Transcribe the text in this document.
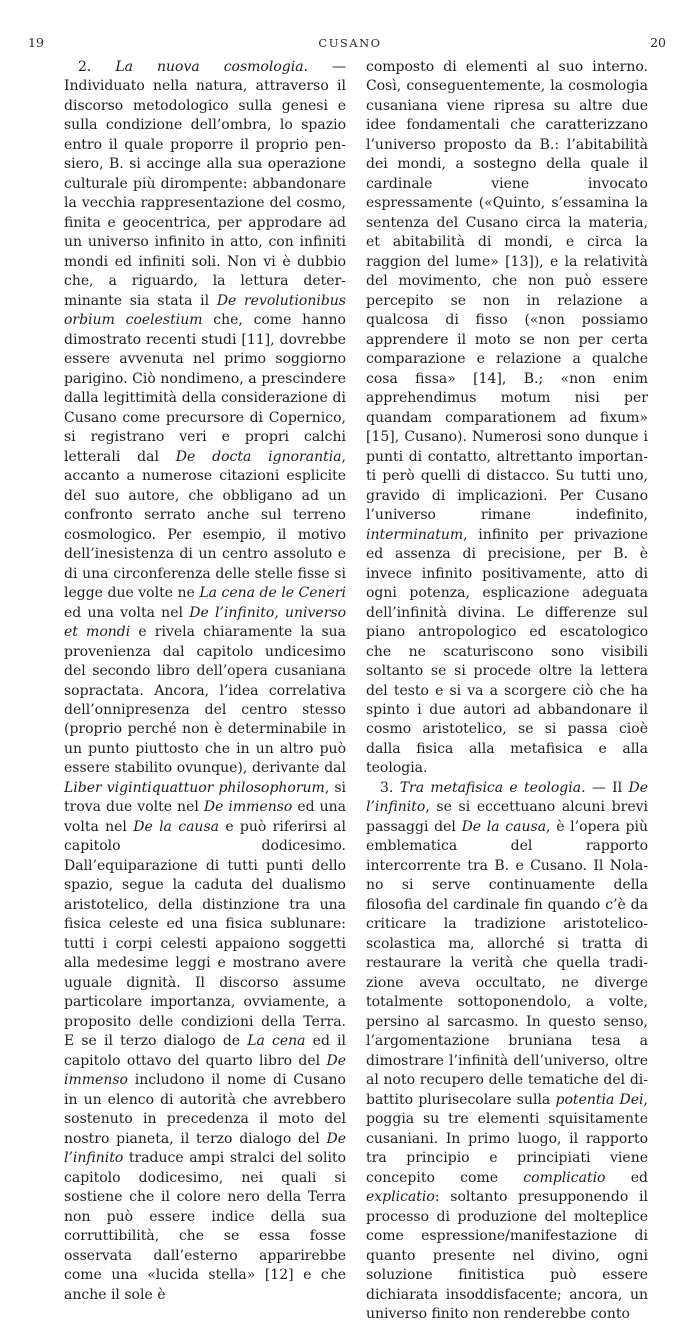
19	CUSANO	20

2. La nuova cosmologia. — Individuato nella natura, attraverso il discorso metodologico sulla genesi e sulla condizione dell’ombra, lo spazio entro il quale proporre il proprio pensiero, B. si accinge alla sua operazione culturale più dirompente: abbandonare la vecchia rappresentazione del cosmo, finita e geocentrica, per approdare ad un universo infinito in atto, con infiniti mondi ed infiniti soli. Non vi è dubbio che, a riguardo, la lettura determinante sia stata il De revolutionibus orbium coelestium che, come hanno dimostrato recenti studi [11], dovrebbe essere avvenuta nel primo soggiorno parigino. Ciò nondimeno, a prescindere dalla legittimità della considerazione di Cusano come precursore di Copernico, si registrano veri e propri calchi letterali dal De docta ignorantia, accanto a numerose citazioni esplicite del suo autore, che obbligano ad un confronto serrato anche sul terreno cosmologico. Per esempio, il motivo dell’inesistenza di un centro assoluto e di una circonferenza delle stelle fisse si legge due volte ne La cena de le Ceneri ed una volta nel De l’infinito, universo et mondi e rivela chiaramente la sua provenienza dal capitolo undicesimo del secondo libro dell’opera cusaniana sopractata. Ancora, l’idea correlativa dell’onnipresenza del centro stesso (proprio perché non è determinabile in un punto piuttosto che in un altro può essere stabilito ovunque), derivante dal Liber vigintiquattuor philosophorum, si trova due volte nel De immenso ed una volta nel De la causa e può riferirsi al capitolo dodicesimo. Dall’equiparazione di tutti punti dello spazio, segue la caduta del dualismo aristotelico, della distinzione tra una fisica celeste ed una fisica sublunare: tutti i corpi celesti appaiono soggetti alla medesime leggi e mostrano avere uguale dignità. Il discorso assume particolare importanza, ovviamente, a proposito delle condizioni della Terra. E se il terzo dialogo de La cena ed il capitolo ottavo del quarto libro del De immenso includono il nome di Cusano in un elenco di autorità che avrebbero sostenuto in precedenza il moto del nostro pianeta, il terzo dialogo del De l’infinito traduce ampi stralci del solito capitolo dodicesimo, nei quali si sostiene che il colore nero della Terra non può essere indice della sua corruttibilità, che se essa fosse osservata dall’esterno apparirebbe come una «lucida stella» [12] e che anche il sole è

composto di elementi al suo interno. Così, conseguentemente, la cosmologia cusaniana viene ripresa su altre due idee fondamentali che caratterizzano l’universo proposto da B.: l’abitabilità dei mondi, a sostegno della quale il cardinale viene invocato espressamente («Quinto, s’essamina la sentenza del Cusano circa la materia, et abitabilità di mondi, e circa la raggion del lume» [13]), e la relatività del movimento, che non può essere percepito se non in relazione a qualcosa di fisso («non possiamo apprendere il moto se non per certa comparazione e relazione a qualche cosa fissa» [14], B.; «non enim apprehendimus motum nisi per quandam comparationem ad fixum» [15], Cusano). Numerosi sono dunque i punti di contatto, altrettanto importanti però quelli di distacco. Su tutti uno, gravido di implicazioni. Per Cusano l’universo rimane indefinito, interminatum, infinito per privazione ed assenza di precisione, per B. è invece infinito positivamente, atto di ogni potenza, esplicazione adeguata dell’infinità divina. Le differenze sul piano antropologico ed escatologico che ne scaturiscono sono visibili soltanto se si procede oltre la lettera del testo e si va a scorgere ciò che ha spinto i due autori ad abbandonare il cosmo aristotelico, se si passa cioè dalla fisica alla metafisica e alla teologia.

3. Tra metafisica e teologia. — Il De l’infinito, se si eccettuano alcuni brevi passaggi del De la causa, è l’opera più emblematica del rapporto intercorrente tra B. e Cusano. Il Nolano si serve continuamente della filosofia del cardinale fin quando c’è da criticare la tradizione aristotelico-scolastica ma, allorché si tratta di restaurare la verità che quella tradizione aveva occultato, ne diverge totalmente sottoponendolo, a volte, persino al sarcasmo. In questo senso, l’argomentazione bruniana tesa a dimostrare l’infinità dell’universo, oltre al noto recupero delle tematiche del dibattito plurisecolare sulla potentia Dei, poggia su tre elementi squisitamente cusaniani. In primo luogo, il rapporto tra principio e principiati viene concepito come complicatio ed explicatio: soltanto presupponendo il processo di produzione del molteplice come espressione/manifestazione di quanto presente nel divino, ogni soluzione finitistica può essere dichiarata insoddisfacente; ancora, un universo finito non renderebbe conto
